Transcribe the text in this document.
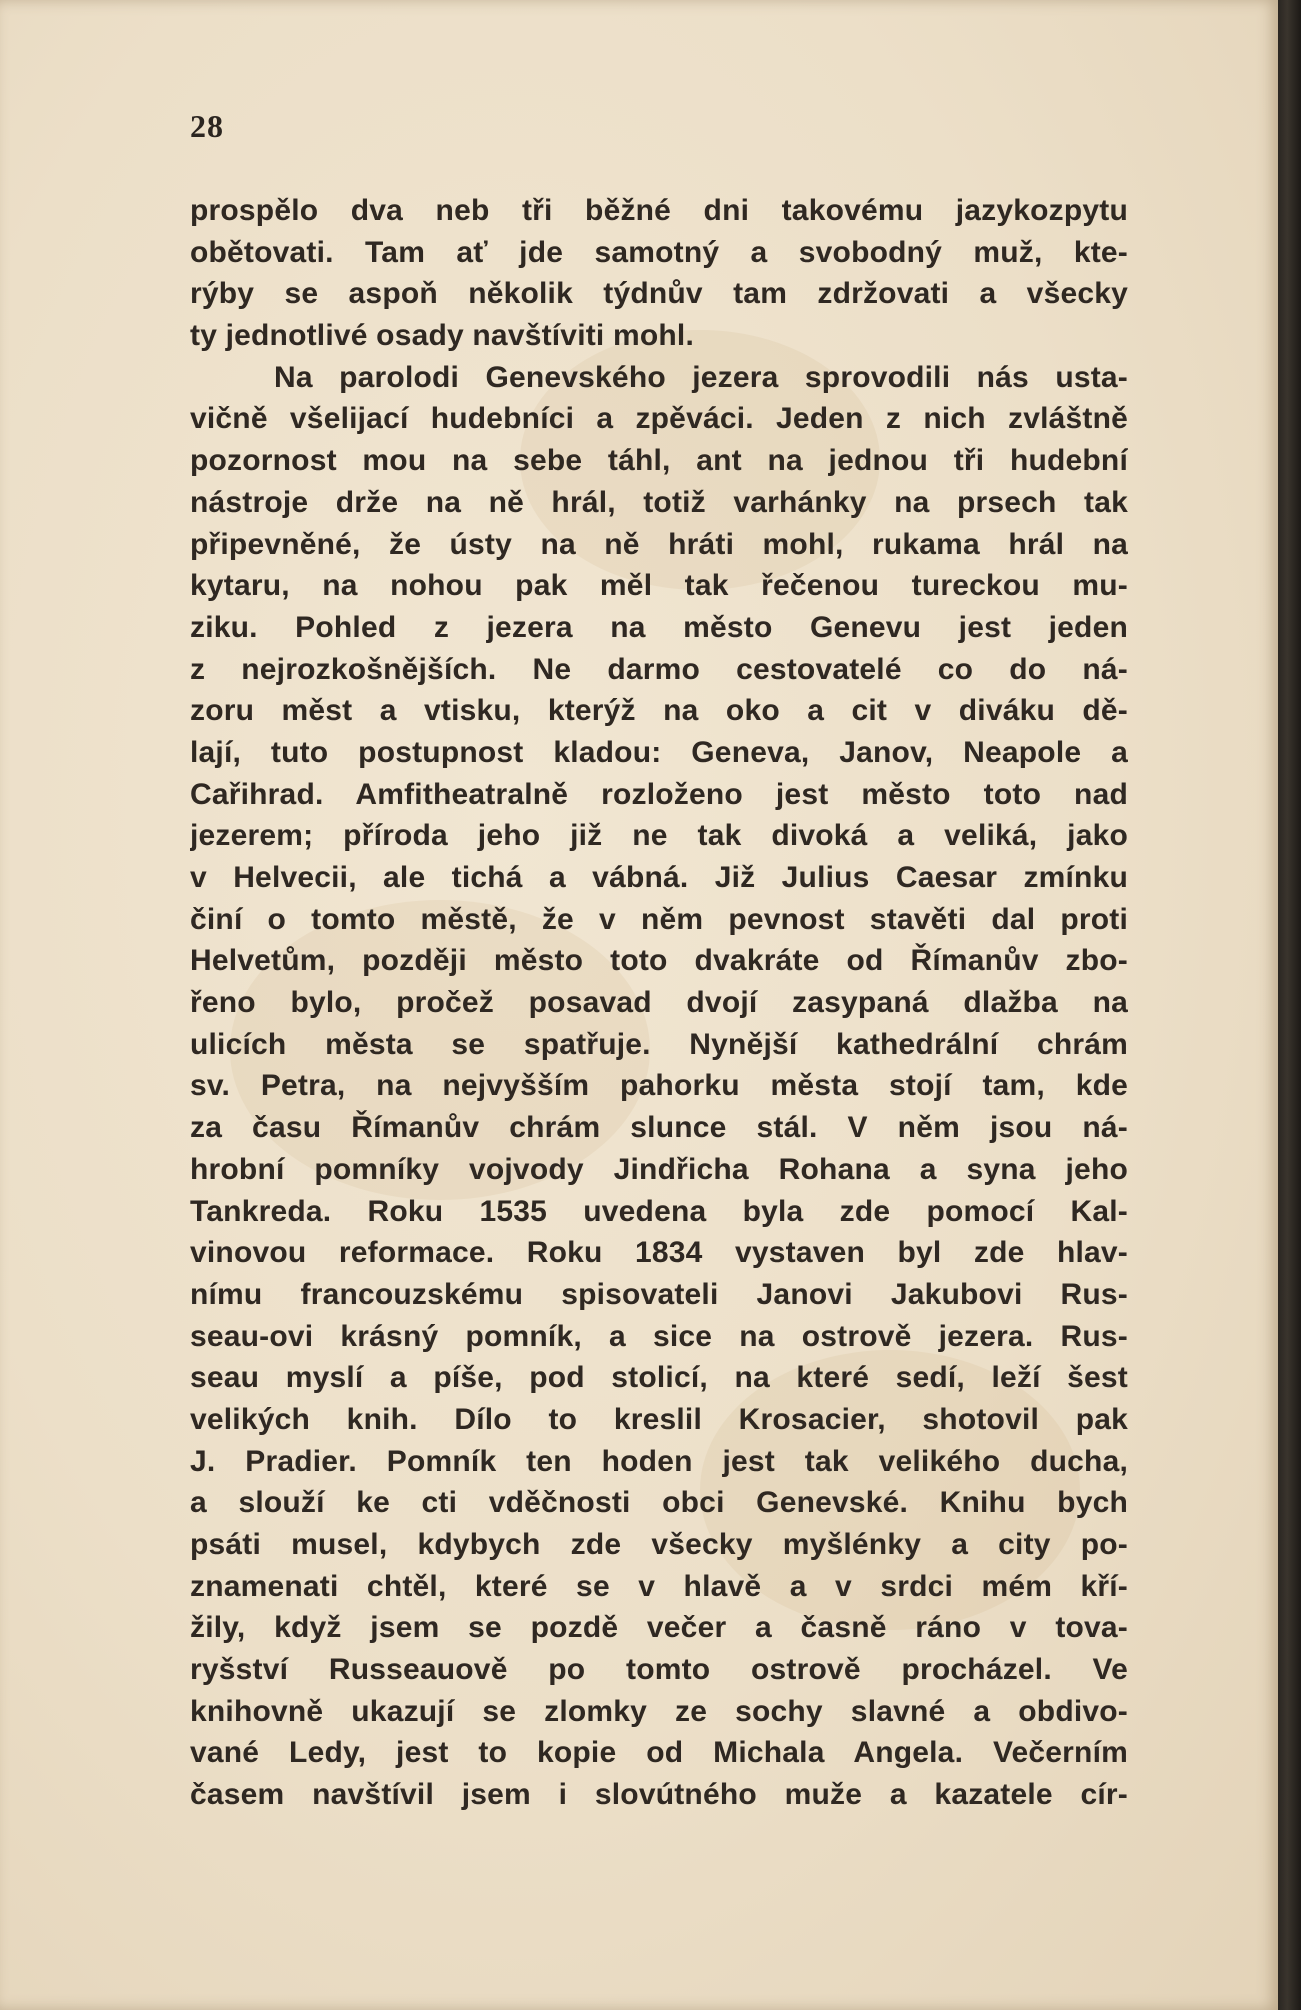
28
prospělo dva neb tři běžné dni takovému jazykozpytu
obětovati. Tam ať jde samotný a svobodný muž, kte-
rýby se aspoň několik týdnův tam zdržovati a všecky
ty jednotlivé osady navštíviti mohl.
Na parolodi Genevského jezera sprovodili nás usta-
vičně všelijací hudebníci a zpěváci. Jeden z nich zvláštně
pozornost mou na sebe táhl, ant na jednou tři hudební
nástroje drže na ně hrál, totiž varhánky na prsech tak
připevněné, že ústy na ně hráti mohl, rukama hrál na
kytaru, na nohou pak měl tak řečenou tureckou mu-
ziku. Pohled z jezera na město Genevu jest jeden
z nejrozkošnějších. Ne darmo cestovatelé co do ná-
zoru měst a vtisku, kterýž na oko a cit v diváku dě-
lají, tuto postupnost kladou: Geneva, Janov, Neapole a
Cařihrad. Amfitheatralně rozloženo jest město toto nad
jezerem; příroda jeho již ne tak divoká a veliká, jako
v Helvecii, ale tichá a vábná. Již Julius Caesar zmínku
činí o tomto městě, že v něm pevnost stavěti dal proti
Helvetům, později město toto dvakráte od Římanův zbo-
řeno bylo, pročež posavad dvojí zasypaná dlažba na
ulicích města se spatřuje. Nynější kathedrální chrám
sv. Petra, na nejvyšším pahorku města stojí tam, kde
za času Římanův chrám slunce stál. V něm jsou ná-
hrobní pomníky vojvody Jindřicha Rohana a syna jeho
Tankreda. Roku 1535 uvedena byla zde pomocí Kal-
vinovou reformace. Roku 1834 vystaven byl zde hlav-
nímu francouzskému spisovateli Janovi Jakubovi Rus-
seau-ovi krásný pomník, a sice na ostrově jezera. Rus-
seau myslí a píše, pod stolicí, na které sedí, leží šest
velikých knih. Dílo to kreslil Krosacier, shotovil pak
J. Pradier. Pomník ten hoden jest tak velikého ducha,
a slouží ke cti vděčnosti obci Genevské. Knihu bych
psáti musel, kdybych zde všecky myšlénky a city po-
znamenati chtěl, které se v hlavě a v srdci mém kří-
žily, když jsem se pozdě večer a časně ráno v tova-
ryšství Russeauově po tomto ostrově procházel. Ve
knihovně ukazují se zlomky ze sochy slavné a obdivo-
vané Ledy, jest to kopie od Michala Angela. Večerním
časem navštívil jsem i slovútného muže a kazatele cír-
